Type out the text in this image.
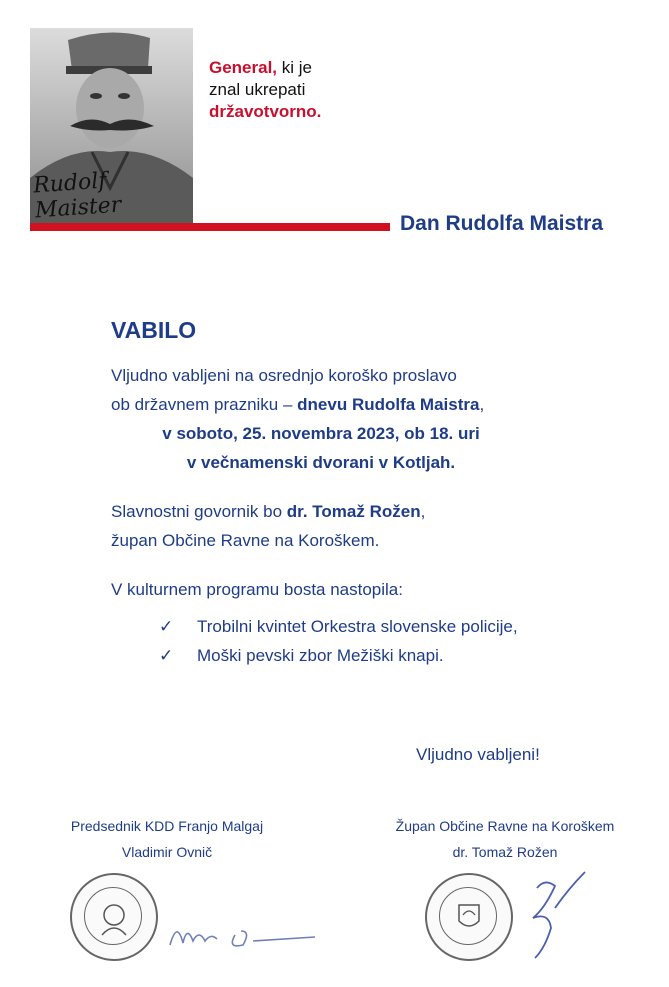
Rudolf Maister
General, ki je
znal ukrepati
državotvorno.
Dan Rudolfa Maistra
VABILO
Vljudno vabljeni na osrednjo koroško proslavo
ob državnem prazniku – dnevu Rudolfa Maistra,
v soboto, 25. novembra 2023, ob 18. uri
v večnamenski dvorani v Kotljah.
Slavnostni govornik bo dr. Tomaž Rožen,
župan Občine Ravne na Koroškem.
V kulturnem programu bosta nastopila:
✓ Trobilni kvintet Orkestra slovenske policije,
✓ Moški pevski zbor Mežiški knapi.
Vljudno vabljeni!
Predsednik KDD Franjo Malgaj
Vladimir Ovnič
Župan Občine Ravne na Koroškem
dr. Tomaž Rožen
